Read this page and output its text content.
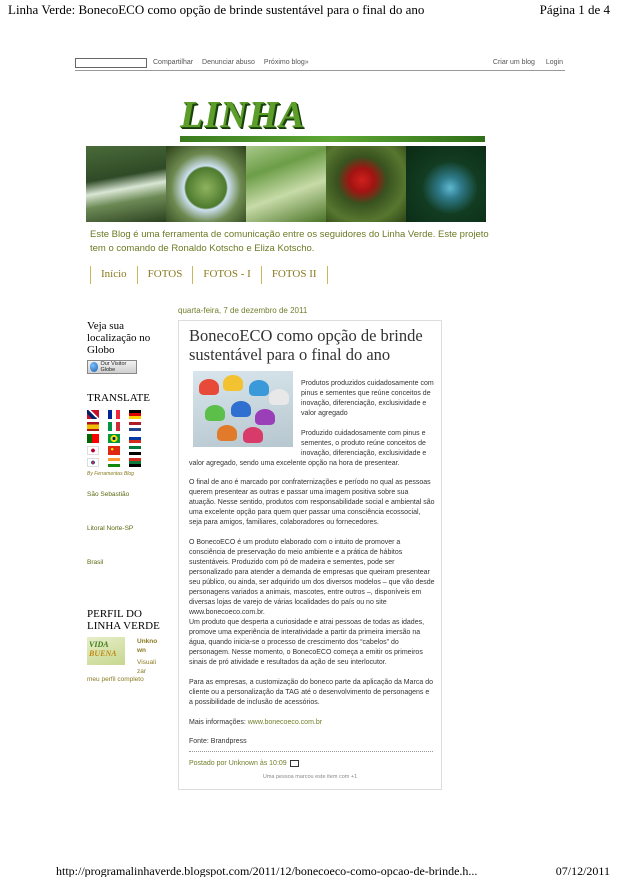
Linha Verde: BonecoECO como opção de brinde sustentável para o final do ano	Página 1 de 4
Compartilhar Denunciar abuso Próximo blog»	Criar um blog Login
LINHA
Este Blog é uma ferramenta de comunicação entre os seguidores do Linha Verde. Este projeto tem o comando de Ronaldo Kotscho e Eliza Kotscho.
Início	FOTOS	FOTOS - I	FOTOS II
quarta-feira, 7 de dezembro de 2011
Veja sua localização no Globo
Our Visitor Globe
TRANSLATE
By Ferramentas Blog
São Sebastião
Litoral Norte-SP
Brasil
PERFIL DO LINHA VERDE
VIDA
BUENA
Unknown
Visualizar
meu perfil completo
BonecoECO como opção de brinde sustentável para o final do ano
Produtos produzidos cuidadosamente com pinus e sementes que reúne conceitos de inovação, diferenciação, exclusividade e valor agregado
Produzido cuidadosamente com pinus e sementes, o produto reúne conceitos de inovação, diferenciação, exclusividade e
valor agregado, sendo uma excelente opção na hora de presentear.
O final de ano é marcado por confraternizações e período no qual as pessoas querem presentear as outras e passar uma imagem positiva sobre sua atuação. Nesse sentido, produtos com responsabilidade social e ambiental são uma excelente opção para quem quer passar uma consciência ecossocial, seja para amigos, familiares, colaboradores ou fornecedores.
O BonecoECO é um produto elaborado com o intuito de promover a consciência de preservação do meio ambiente e a prática de hábitos sustentáveis. Produzido com pó de madeira e sementes, pode ser personalizado para atender a demanda de empresas que queiram presentear seu público, ou ainda, ser adquirido um dos diversos modelos – que vão desde personagens variados a animais, mascotes, entre outros –, disponíveis em diversas lojas de varejo de várias localidades do país ou no site www.bonecoeco.com.br.
Um produto que desperta a curiosidade e atrai pessoas de todas as idades, promove uma experiência de interatividade a partir da primeira imersão na água, quando inicia-se o processo de crescimento dos “cabelos” do personagem. Nesse momento, o BonecoECO começa a emitir os primeiros sinais de pró atividade e resultados da ação de seu interlocutor.
Para as empresas, a customização do boneco parte da aplicação da Marca do cliente ou a personalização da TAG até o desenvolvimento de personagens e a possibilidade de inclusão de acessórios.
Mais informações: www.bonecoeco.com.br
Fonte: Brandpress
Postado por Unknown às 10:09
Uma pessoa marcou este item com +1
http://programalinhaverde.blogspot.com/2011/12/bonecoeco-como-opcao-de-brinde.h...	07/12/2011
